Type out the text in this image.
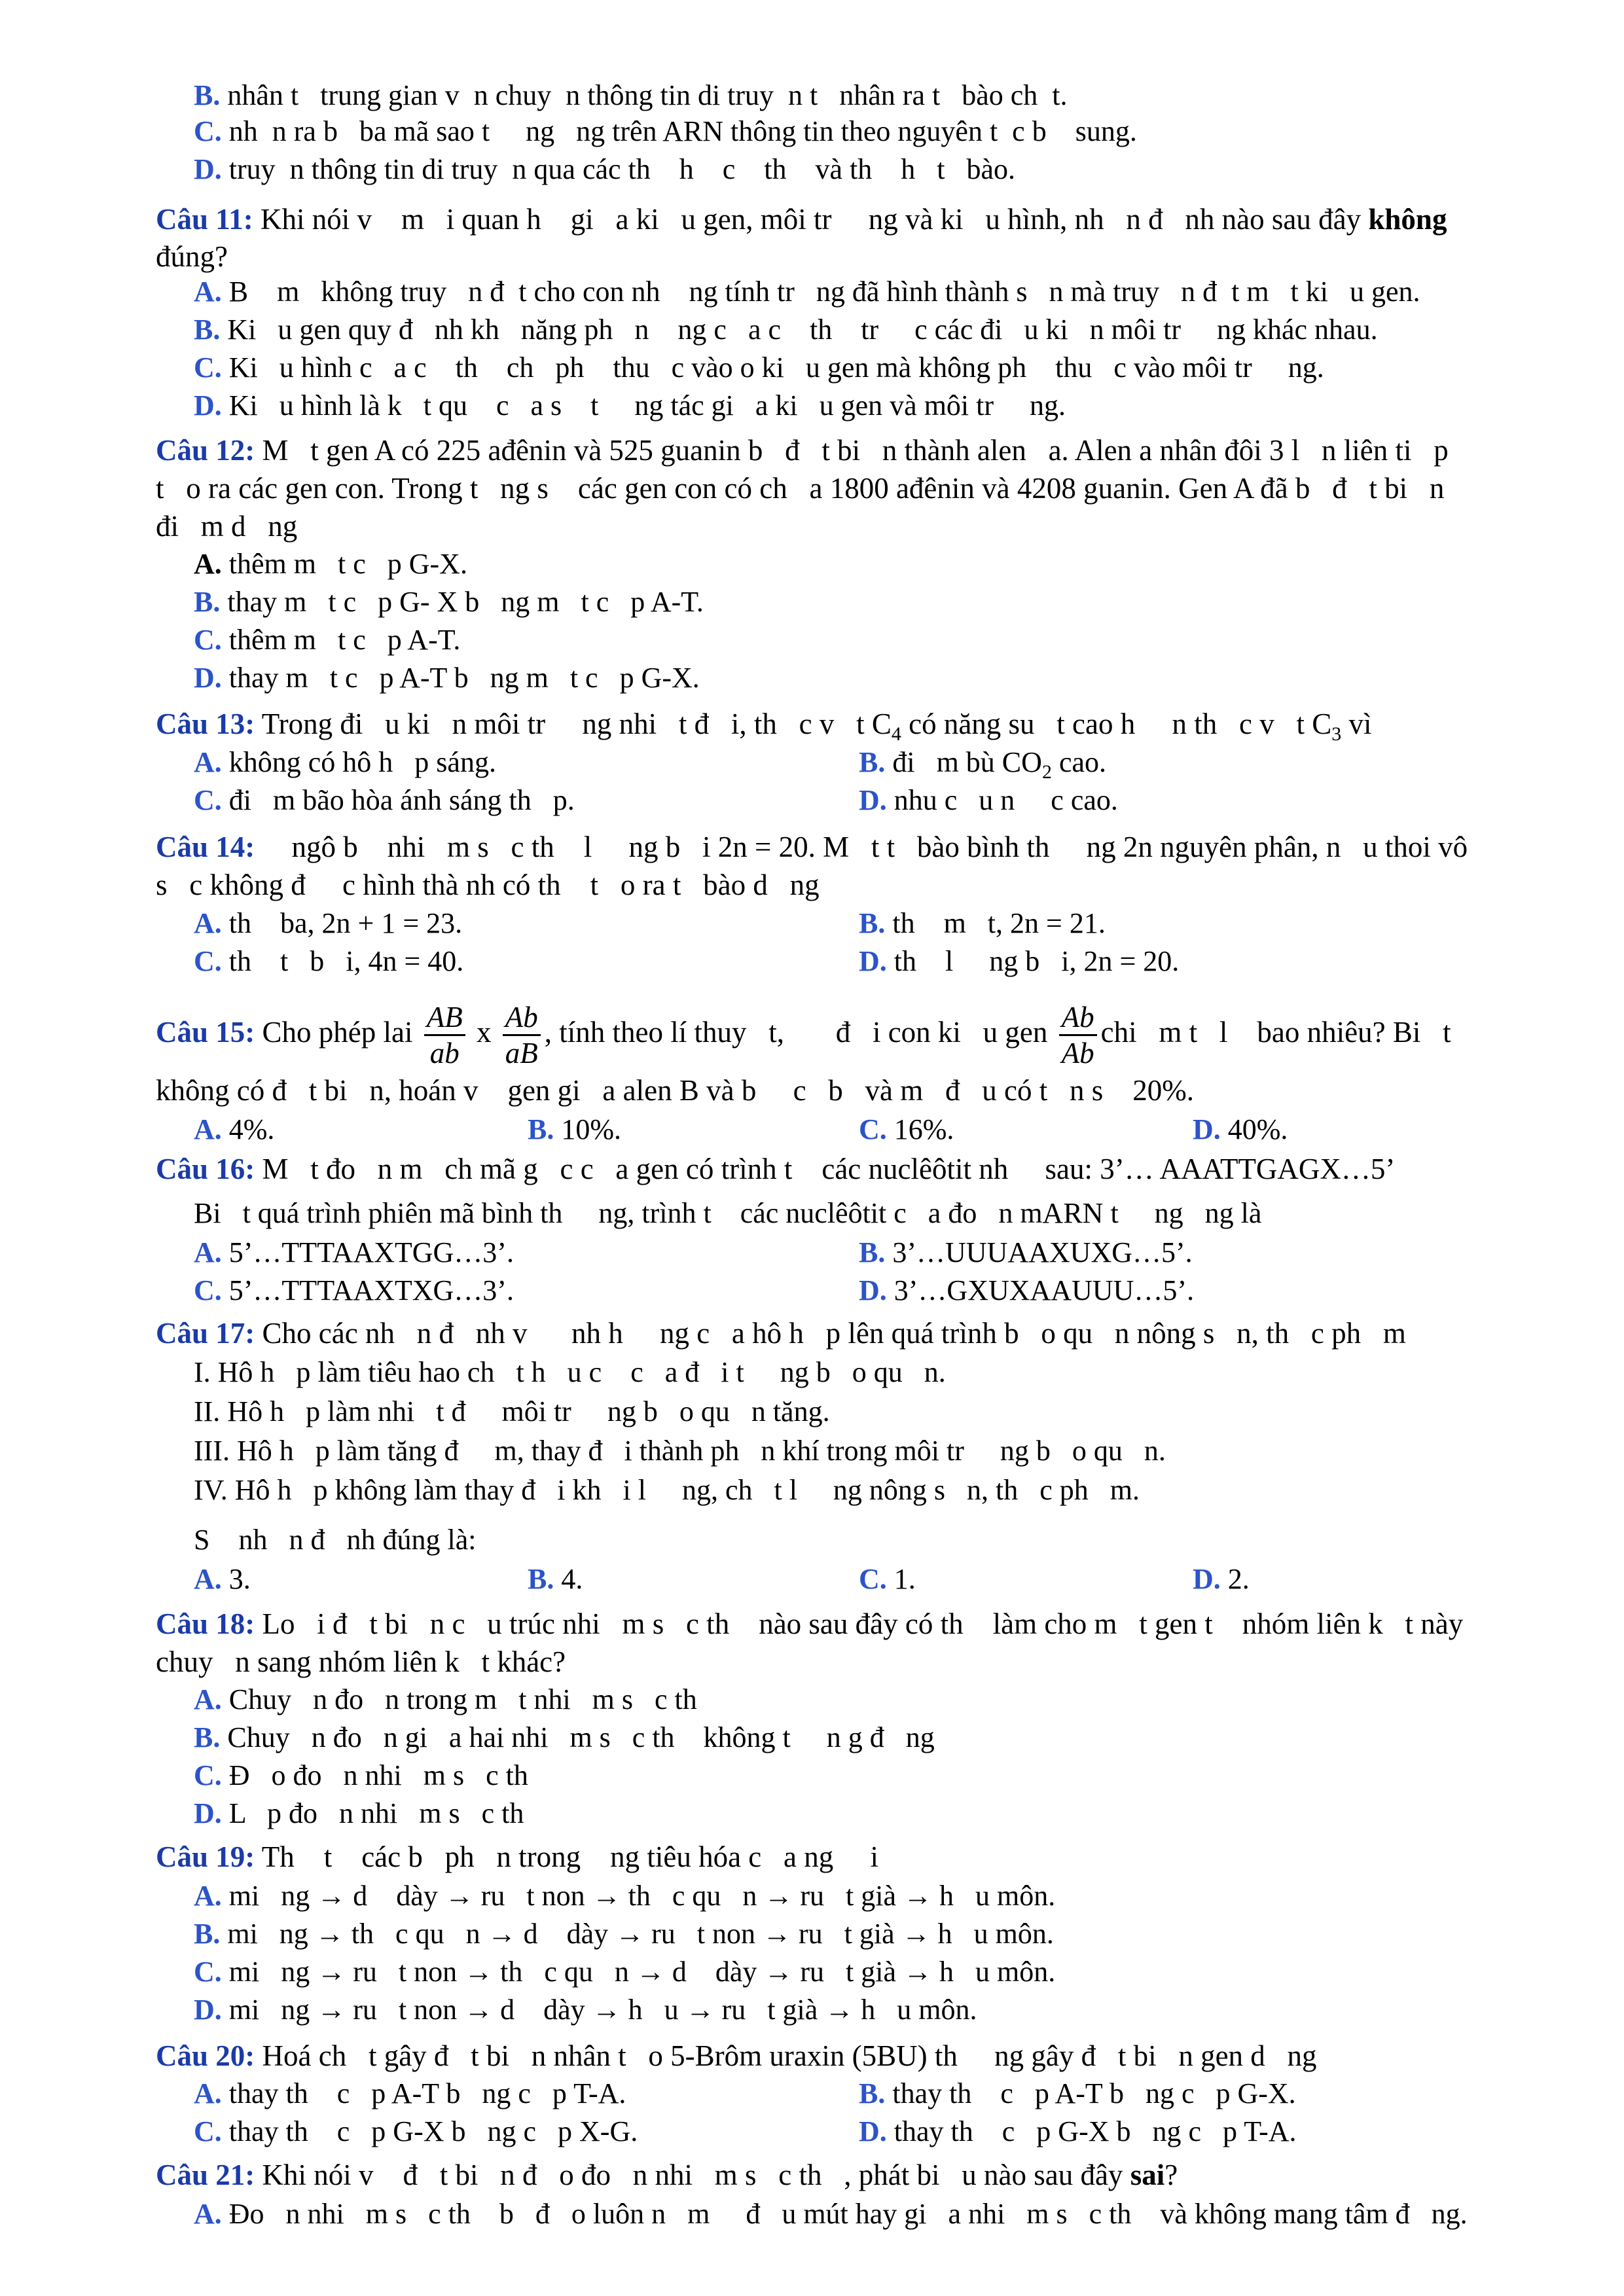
B. nhân t   trung gian v  n chuy  n thông tin di truy  n t   nhân ra t   bào ch  t.
C. nh  n ra b   ba mã sao t     ng   ng trên ARN thông tin theo nguyên t  c b    sung.
D. truy  n thông tin di truy  n qua các th    h    c    th    và th    h   t   bào.
Câu 11: Khi nói v    m   i quan h    gi   a ki   u gen, môi tr     ng và ki   u hình, nh   n đ   nh nào sau đây không
đúng?
A. B    m   không truy   n đ  t cho con nh    ng tính tr   ng đã hình thành s   n mà truy   n đ  t m   t ki   u gen.
B. Ki   u gen quy đ   nh kh   năng ph   n    ng c   a c    th    tr     c các đi   u ki   n môi tr     ng khác nhau.
C. Ki   u hình c   a c    th    ch   ph    thu   c vào o ki   u gen mà không ph    thu   c vào môi tr     ng.
D. Ki   u hình là k   t qu    c   a s    t     ng tác gi   a ki   u gen và môi tr     ng.
Câu 12: M   t gen A có 225 ađênin và 525 guanin b   đ   t bi   n thành alen   a. Alen a nhân đôi 3 l   n liên ti   p
t   o ra các gen con. Trong t   ng s    các gen con có ch   a 1800 ađênin và 4208 guanin. Gen A đã b   đ   t bi   n
đi   m d   ng
A. thêm m   t c   p G-X.
B. thay m   t c   p G- X b   ng m   t c   p A-T.
C. thêm m   t c   p A-T.
D. thay m   t c   p A-T b   ng m   t c   p G-X.
Câu 13: Trong đi   u ki   n môi tr     ng nhi   t đ   i, th   c v   t $C_4$ có năng su   t cao h     n th   c v   t $C_3$ vì
A. không có hô h   p sáng.	B. đi   m bù $CO_2$ cao.
C. đi   m bão hòa ánh sáng th   p.	D. nhu c   u n     c cao.
Câu 14:     ngô b    nhi   m s   c th    l     ng b   i 2n = 20. M   t t   bào bình th     ng 2n nguyên phân, n   u thoi vô
s   c không đ     c hình thà nh có th    t   o ra t   bào d   ng
A. th    ba, 2n + 1 = 23.	B. th    m   t, 2n = 21.
C. th    t   b   i, 4n = 40.	D. th    l     ng b   i, 2n = 20.
Câu 15: Cho phép lai $\frac{AB}{ab}$ x $\frac{Ab}{aB}$ , tính theo lí thuy   t,       đ   i con ki   u gen $\frac{Ab}{Ab}$ chi   m t   l    bao nhiêu? Bi   t
không có đ   t bi   n, hoán v    gen gi   a alen B và b     c   b   và m   đ   u có t   n s    20%.
A. 4%.	B. 10%.	C. 16%.	D. 40%.
Câu 16: M   t đo   n m   ch mã g   c c   a gen có trình t    các nuclêôtit nh     sau: 3’… AAATTGAGX…5’
Bi   t quá trình phiên mã bình th     ng, trình t    các nuclêôtit c   a đo   n mARN t     ng   ng là
A. 5’…TTTAAXTGG…3’.	B. 3’…UUUAAXUXG…5’.
C. 5’…TTTAAXTXG…3’.	D. 3’…GXUXAAUUU…5’.
Câu 17: Cho các nh   n đ   nh v      nh h     ng c   a hô h   p lên quá trình b   o qu   n nông s   n, th   c ph   m
I. Hô h   p làm tiêu hao ch   t h   u c    c   a đ   i t     ng b   o qu   n.
II. Hô h   p làm nhi   t đ     môi tr     ng b   o qu   n tăng.
III. Hô h   p làm tăng đ     m, thay đ   i thành ph   n khí trong môi tr     ng b   o qu   n.
IV. Hô h   p không làm thay đ   i kh   i l     ng, ch   t l     ng nông s   n, th   c ph   m.
S    nh   n đ   nh đúng là:
A. 3.	B. 4.	C. 1.	D. 2.
Câu 18: Lo   i đ   t bi   n c   u trúc nhi   m s   c th    nào sau đây có th    làm cho m   t gen t    nhóm liên k   t này
chuy   n sang nhóm liên k   t khác?
A. Chuy   n đo   n trong m   t nhi   m s   c th
B. Chuy   n đo   n gi   a hai nhi   m s   c th    không t     n g đ   ng
C. Đ   o đo   n nhi   m s   c th
D. L   p đo   n nhi   m s   c th
Câu 19: Th    t    các b   ph   n trong    ng tiêu hóa c   a ng     i
A. mi   ng → d    dày → ru   t non → th   c qu   n → ru   t già → h   u môn.
B. mi   ng → th   c qu   n → d    dày → ru   t non → ru   t già → h   u môn.
C. mi   ng → ru   t non → th   c qu   n → d    dày → ru   t già → h   u môn.
D. mi   ng → ru   t non → d    dày → h   u → ru   t già → h   u môn.
Câu 20: Hoá ch   t gây đ   t bi   n nhân t   o 5-Brôm uraxin (5BU) th     ng gây đ   t bi   n gen d   ng
A. thay th    c   p A-T b   ng c   p T-A.	B. thay th    c   p A-T b   ng c   p G-X.
C. thay th    c   p G-X b   ng c   p X-G.	D. thay th    c   p G-X b   ng c   p T-A.
Câu 21: Khi nói v    đ   t bi   n đ   o đo   n nhi   m s   c th   , phát bi   u nào sau đây sai?
A. Đo   n nhi   m s   c th    b   đ   o luôn n   m     đ   u mút hay gi   a nhi   m s   c th    và không mang tâm đ   ng.
